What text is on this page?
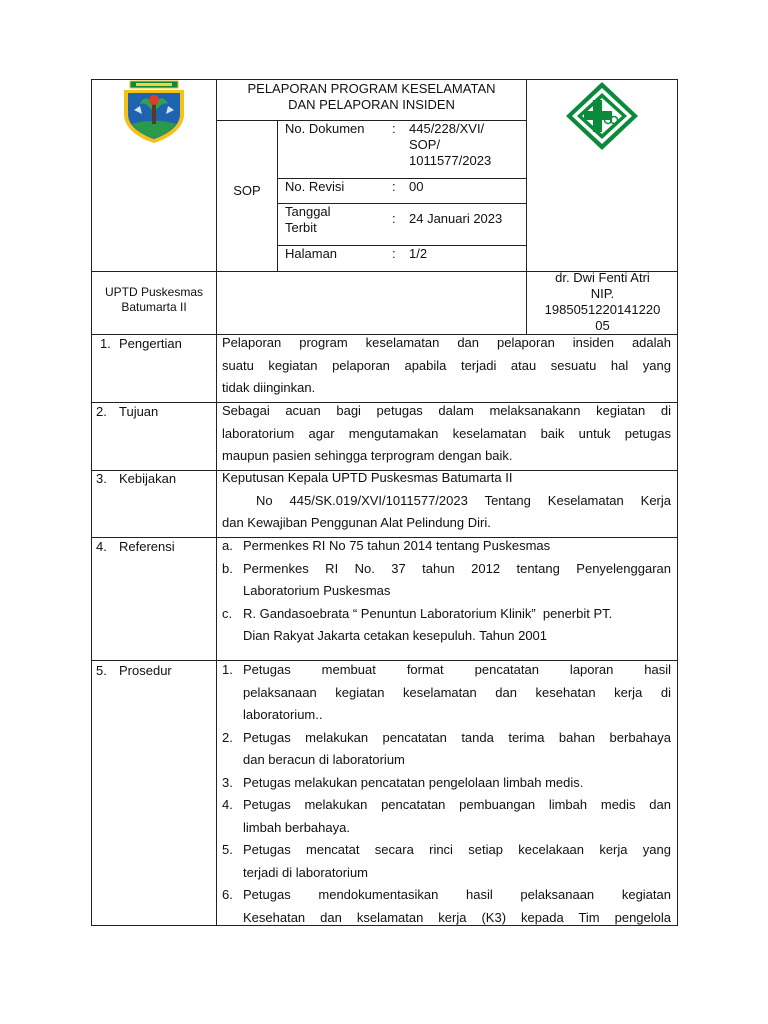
PELAPORAN PROGRAM KESELAMATAN
DAN PELAPORAN INSIDEN
SOP
No. Dokumen : 445/228/XVI/
SOP/
1011577/2023
No. Revisi	: 00
Tanggal
Terbit
: 24 Januari 2023
Halaman	: 1/2
UPTD Puskesmas
Batumarta II
dr. Dwi Fenti Atri
NIP.
1985051220141220
05
1. Pengertian	Pelaporan program keselamatan dan pelaporan insiden adalah
suatu kegiatan pelaporan apabila terjadi atau sesuatu hal yang
tidak diinginkan.
2. Tujuan	Sebagai acuan bagi petugas dalam melaksanakann kegiatan di
laboratorium agar mengutamakan keselamatan baik untuk petugas
maupun pasien sehingga terprogram dengan baik.
3. Kebijakan	Keputusan Kepala UPTD Puskesmas Batumarta II
No 445/SK.019/XVI/1011577/2023 Tentang Keselamatan Kerja
dan Kewajiban Penggunan Alat Pelindung Diri.
4. Referensi	a. Permenkes RI No 75 tahun 2014 tentang Puskesmas
b. Permenkes RI No. 37 tahun 2012 tentang Penyelenggaran
Laboratorium Puskesmas
c. R. Gandasoebrata “ Penuntun Laboratorium Klinik”  penerbit PT.
Dian Rakyat Jakarta cetakan kesepuluh. Tahun 2001
5. Prosedur	1. Petugas membuat format pencatatan laporan hasil
pelaksanaan kegiatan keselamatan dan kesehatan kerja di
laboratorium..
2. Petugas melakukan pencatatan tanda terima bahan berbahaya
dan beracun di laboratorium
3. Petugas melakukan pencatatan pengelolaan limbah medis.
4. Petugas melakukan pencatatan pembuangan limbah medis dan
limbah berbahaya.
5. Petugas mencatat secara rinci setiap kecelakaan kerja yang
terjadi di laboratorium
6. Petugas mendokumentasikan hasil pelaksanaan kegiatan
Kesehatan dan kselamatan kerja (K3) kepada Tim pengelola
